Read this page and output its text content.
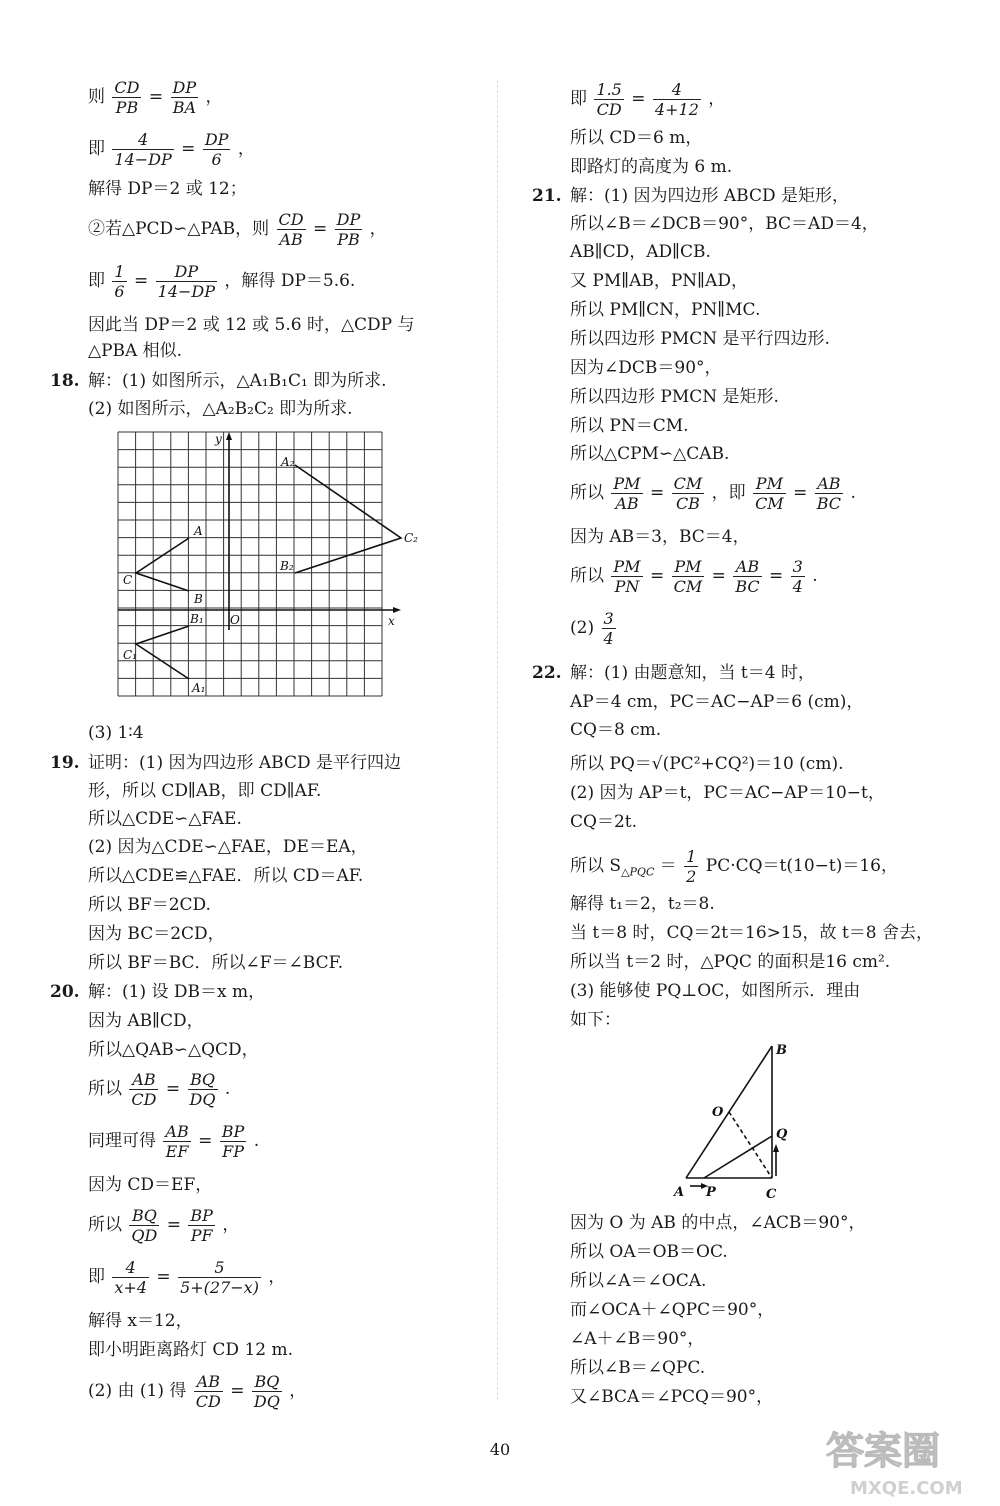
则 $\frac{CD}{PB} = \frac{DP}{BA}$ ，
即 $\frac{4}{14-DP} = \frac{DP}{6}$ ，
解得 DP＝2 或 12；
②若△PCD∽△PAB，则 $\frac{CD}{AB} = \frac{DP}{PB}$ ，
即 $\frac{1}{6} = \frac{DP}{14-DP}$ ，解得 DP＝5.6.
因此当 DP＝2 或 12 或 5.6 时，△CDP 与
△PBA 相似.
18. 解：(1) 如图所示，△A₁B₁C₁ 即为所求.
(2) 如图所示，△A₂B₂C₂ 即为所求.
y
x
O
A₂
C₂
B₂
A
C
B
B₁
C₁
A₁
(3) 1∶4
19. 证明：(1) 因为四边形 ABCD 是平行四边
形，所以 CD∥AB，即 CD∥AF.
所以△CDE∽△FAE.
(2) 因为△CDE∽△FAE，DE＝EA，
所以△CDE≌△FAE．所以 CD＝AF.
所以 BF＝2CD.
因为 BC＝2CD，
所以 BF＝BC．所以∠F＝∠BCF.
20. 解：(1) 设 DB＝x m，
因为 AB∥CD，
所以△QAB∽△QCD，
所以 $\frac{AB}{CD} = \frac{BQ}{DQ}$ .
同理可得 $\frac{AB}{EF} = \frac{BP}{FP}$ .
因为 CD＝EF，
所以 $\frac{BQ}{QD} = \frac{BP}{PF}$ ，
即 $\frac{4}{x+4} = \frac{5}{5+(27-x)}$ ，
解得 x＝12，
即小明距离路灯 CD 12 m.
(2) 由 (1) 得 $\frac{AB}{CD} = \frac{BQ}{DQ}$ ，
即 $\frac{1.5}{CD} = \frac{4}{4+12}$ ，
所以 CD＝6 m，
即路灯的高度为 6 m.
21. 解：(1) 因为四边形 ABCD 是矩形，
所以∠B＝∠DCB＝90°，BC＝AD＝4，
AB∥CD，AD∥CB.
又 PM∥AB，PN∥AD，
所以 PM∥CN，PN∥MC.
所以四边形 PMCN 是平行四边形.
因为∠DCB＝90°，
所以四边形 PMCN 是矩形.
所以 PN＝CM.
所以△CPM∽△CAB.
所以 $\frac{PM}{AB} = \frac{CM}{CB}$ ，即 $\frac{PM}{CM} = \frac{AB}{BC}$ .
因为 AB＝3，BC＝4，
所以 $\frac{PM}{PN} = \frac{PM}{CM} = \frac{AB}{BC} = \frac{3}{4}$ .
$(2) \frac{3}{4}$
22. 解：(1) 由题意知，当 t＝4 时，
AP＝4 cm，PC＝AC−AP＝6 (cm)，
CQ＝8 cm.
所以 PQ＝√(PC²+CQ²)＝10 (cm).
(2) 因为 AP＝t，PC＝AC−AP＝10−t，
CQ＝2t.
所以 $S_{\triangle PQC} = \frac{1}{2} PC\cdot CQ=t(10-t)=16$，
解得 t₁＝2，t₂＝8.
当 t＝8 时，CQ＝2t＝16>15，故 t＝8 舍去，
所以当 t＝2 时，△PQC 的面积是16 cm².
(3) 能够使 PQ⊥OC，如图所示．理由
如下：
B
O
Q
A P	C
因为 O 为 AB 的中点，∠ACB＝90°，
所以 OA＝OB＝OC.
所以∠A＝∠OCA.
而∠OCA＋∠QPC＝90°，
∠A＋∠B＝90°，
所以∠B＝∠QPC.
又∠BCA＝∠PCQ＝90°，
40	答案圈
MXQE.COM
